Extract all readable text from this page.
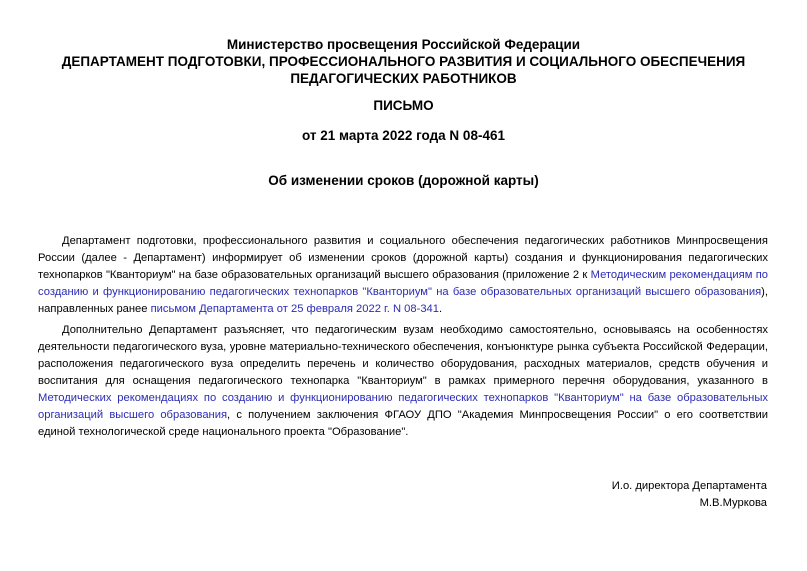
Министерство просвещения Российской Федерации
ДЕПАРТАМЕНТ ПОДГОТОВКИ, ПРОФЕССИОНАЛЬНОГО РАЗВИТИЯ И СОЦИАЛЬНОГО ОБЕСПЕЧЕНИЯ
ПЕДАГОГИЧЕСКИХ РАБОТНИКОВ
ПИСЬМО
от 21 марта 2022 года N 08-461
Об изменении сроков (дорожной карты)
Департамент подготовки, профессионального развития и социального обеспечения педагогических работников Минпросвещения России (далее - Департамент) информирует об изменении сроков (дорожной карты) создания и функционирования педагогических технопарков "Кванториум" на базе образовательных организаций высшего образования (приложение 2 к Методическим рекомендациям по созданию и функционированию педагогических технопарков "Кванториум" на базе образовательных организаций высшего образования), направленных ранее письмом Департамента от 25 февраля 2022 г. N 08-341.
Дополнительно Департамент разъясняет, что педагогическим вузам необходимо самостоятельно, основываясь на особенностях деятельности педагогического вуза, уровне материально-технического обеспечения, конъюнктуре рынка субъекта Российской Федерации, расположения педагогического вуза определить перечень и количество оборудования, расходных материалов, средств обучения и воспитания для оснащения педагогического технопарка "Кванториум" в рамках примерного перечня оборудования, указанного в Методических рекомендациях по созданию и функционированию педагогических технопарков "Кванториум" на базе образовательных организаций высшего образования, с получением заключения ФГАОУ ДПО "Академия Минпросвещения России" о его соответствии единой технологической среде национального проекта "Образование".
И.о. директора Департамента
М.В.Муркова
